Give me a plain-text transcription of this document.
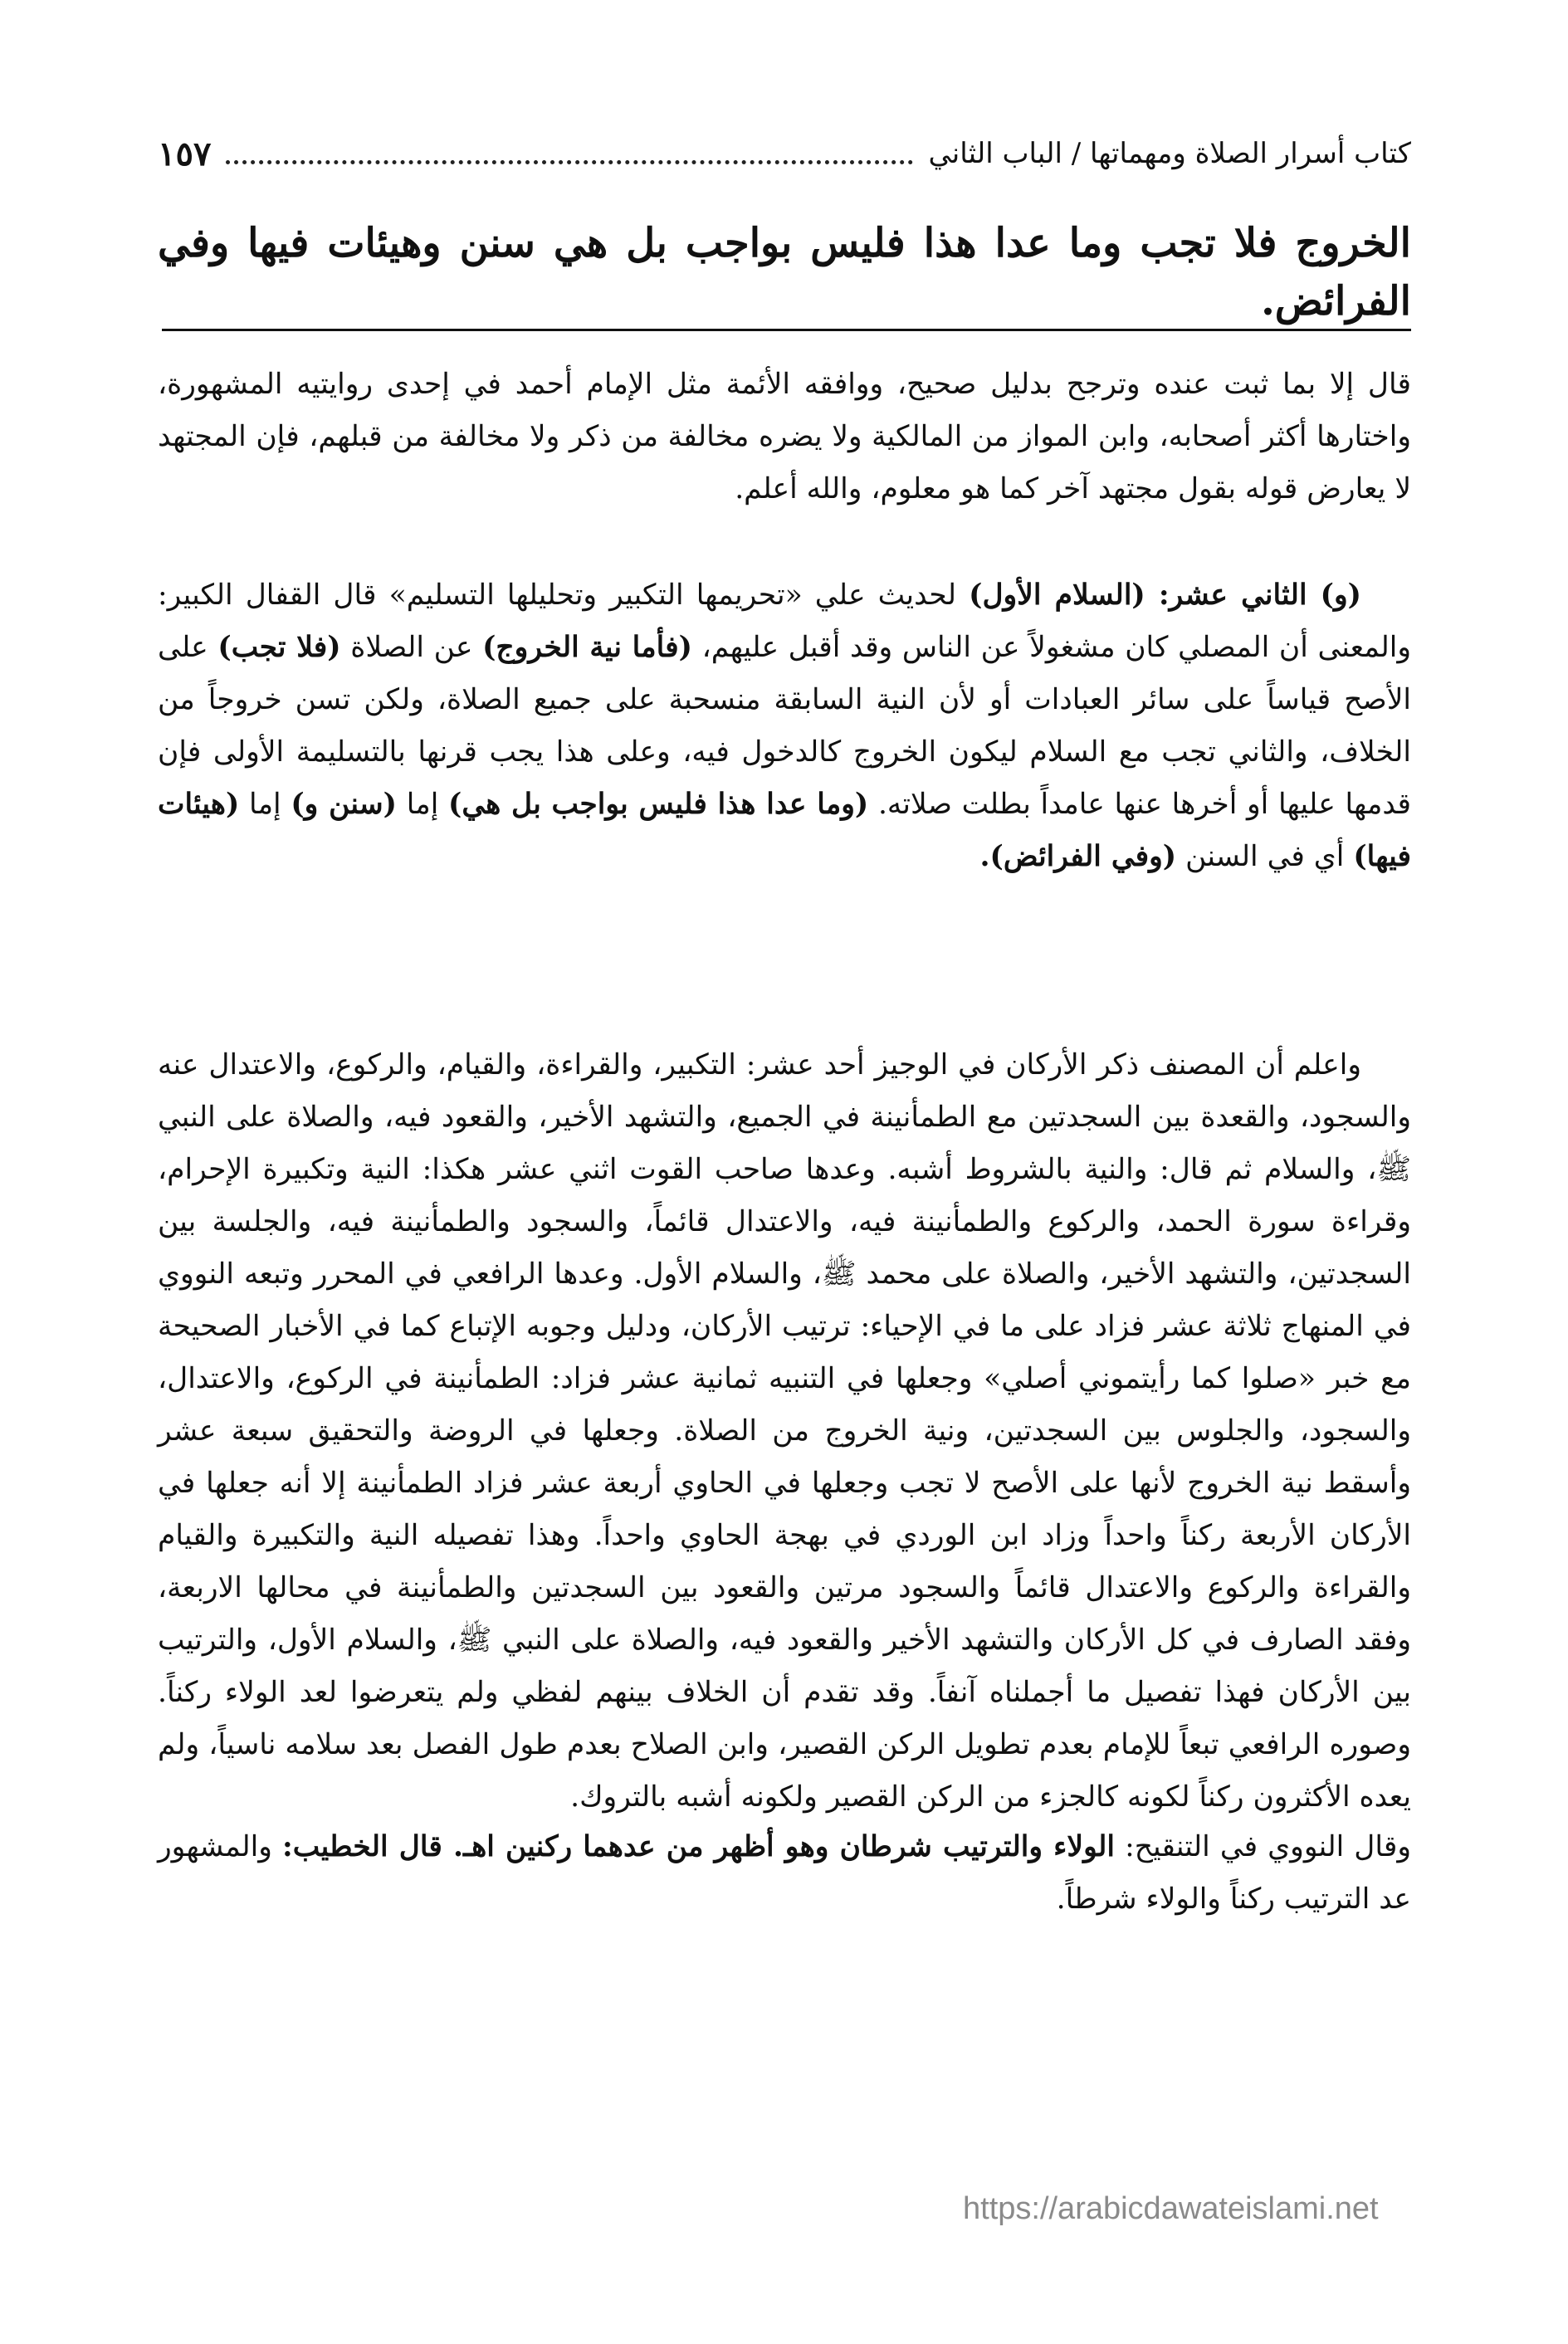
كتاب أسرار الصلاة ومهماتها / الباب الثاني
١٥٧
الخروج فلا تجب وما عدا هذا فليس بواجب بل هي سنن وهيئات فيها وفي الفرائض.

قال إلا بما ثبت عنده وترجح بدليل صحيح، ووافقه الأئمة مثل الإمام أحمد في إحدى روايتيه المشهورة، واختارها أكثر أصحابه، وابن المواز من المالكية ولا يضره مخالفة من ذكر ولا مخالفة من قبلهم، فإن المجتهد لا يعارض قوله بقول مجتهد آخر كما هو معلوم، والله أعلم.

(و) الثاني عشر: (السلام الأول) لحديث علي «تحريمها التكبير وتحليلها التسليم» قال القفال الكبير: والمعنى أن المصلي كان مشغولاً عن الناس وقد أقبل عليهم، (فأما نية الخروج) عن الصلاة (فلا تجب) على الأصح قياساً على سائر العبادات أو لأن النية السابقة منسحبة على جميع الصلاة، ولكن تسن خروجاً من الخلاف، والثاني تجب مع السلام ليكون الخروج كالدخول فيه، وعلى هذا يجب قرنها بالتسليمة الأولى فإن قدمها عليها أو أخرها عنها عامداً بطلت صلاته. (وما عدا هذا فليس بواجب بل هي) إما (سنن و) إما (هيئات فيها) أي في السنن (وفي الفرائض).

واعلم أن المصنف ذكر الأركان في الوجيز أحد عشر: التكبير، والقراءة، والقيام، والركوع، والاعتدال عنه والسجود، والقعدة بين السجدتين مع الطمأنينة في الجميع، والتشهد الأخير، والقعود فيه، والصلاة على النبي ﷺ، والسلام ثم قال: والنية بالشروط أشبه. وعدها صاحب القوت اثني عشر هكذا: النية وتكبيرة الإحرام، وقراءة سورة الحمد، والركوع والطمأنينة فيه، والاعتدال قائماً، والسجود والطمأنينة فيه، والجلسة بين السجدتين، والتشهد الأخير، والصلاة على محمد ﷺ، والسلام الأول. وعدها الرافعي في المحرر وتبعه النووي في المنهاج ثلاثة عشر فزاد على ما في الإحياء: ترتيب الأركان، ودليل وجوبه الإتباع كما في الأخبار الصحيحة مع خبر «صلوا كما رأيتموني أصلي» وجعلها في التنبيه ثمانية عشر فزاد: الطمأنينة في الركوع، والاعتدال، والسجود، والجلوس بين السجدتين، ونية الخروج من الصلاة. وجعلها في الروضة والتحقيق سبعة عشر وأسقط نية الخروج لأنها على الأصح لا تجب وجعلها في الحاوي أربعة عشر فزاد الطمأنينة إلا أنه جعلها في الأركان الأربعة ركناً واحداً وزاد ابن الوردي في بهجة الحاوي واحداً. وهذا تفصيله النية والتكبيرة والقيام والقراءة والركوع والاعتدال قائماً والسجود مرتين والقعود بين السجدتين والطمأنينة في محالها الاربعة، وفقد الصارف في كل الأركان والتشهد الأخير والقعود فيه، والصلاة على النبي ﷺ، والسلام الأول، والترتيب بين الأركان فهذا تفصيل ما أجملناه آنفاً. وقد تقدم أن الخلاف بينهم لفظي ولم يتعرضوا لعد الولاء ركناً. وصوره الرافعي تبعاً للإمام بعدم تطويل الركن القصير، وابن الصلاح بعدم طول الفصل بعد سلامه ناسياً، ولم يعده الأكثرون ركناً لكونه كالجزء من الركن القصير ولكونه أشبه بالتروك.

وقال النووي في التنقيح: الولاء والترتيب شرطان وهو أظهر من عدهما ركنين اهـ. قال الخطيب: والمشهور عد الترتيب ركناً والولاء شرطاً.

https://arabicdawateislami.net
